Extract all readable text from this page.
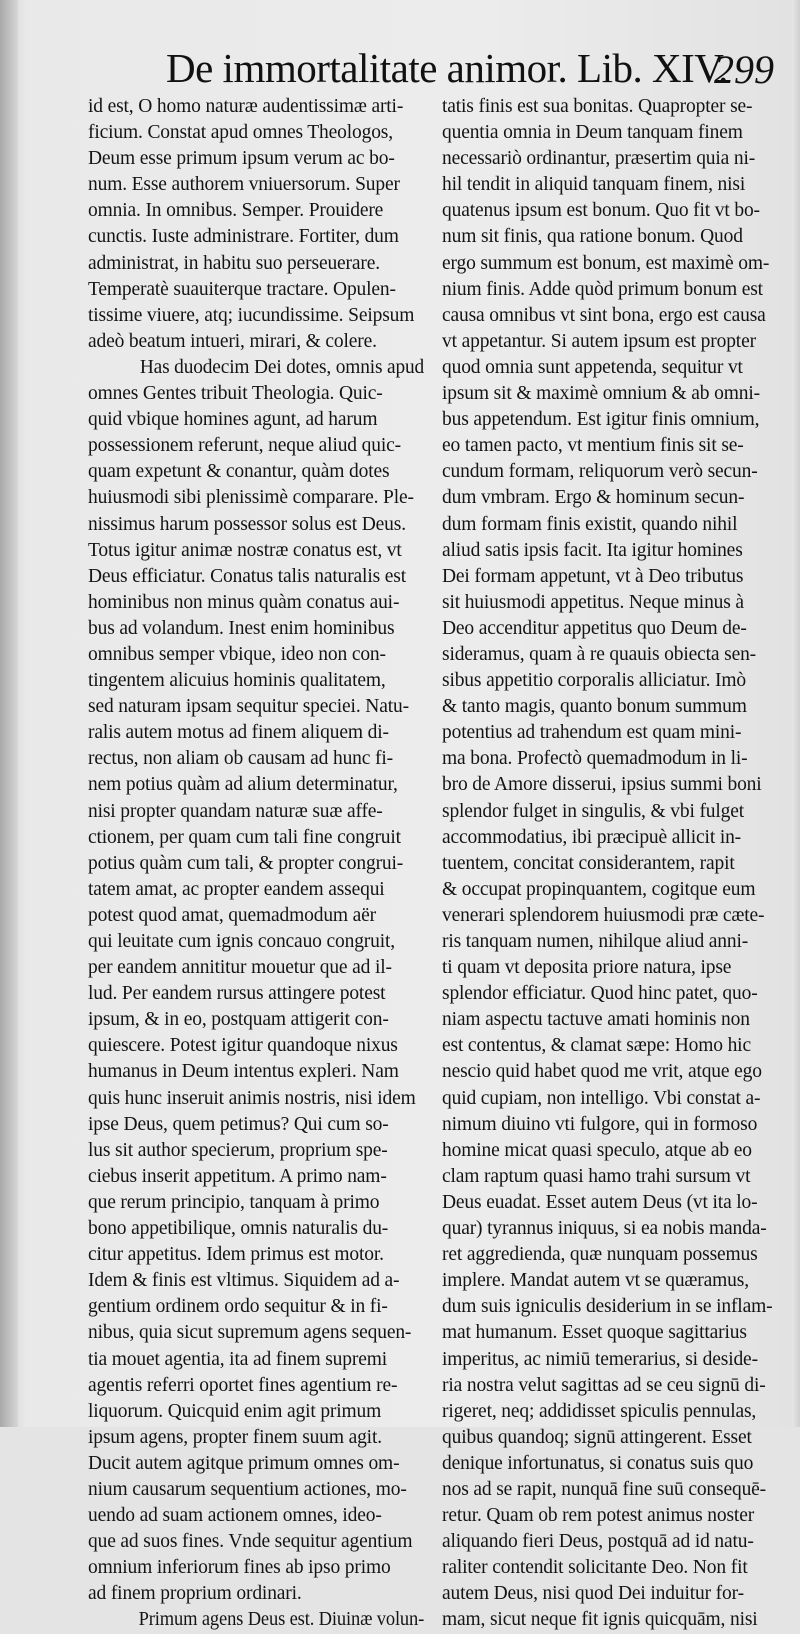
De immortalitate animor. Lib. XIV.
299
id est, O homo naturæ audentissimæ arti-
ficium. Constat apud omnes Theologos,
Deum esse primum ipsum verum ac bo-
num. Esse authorem vniuersorum. Super
omnia. In omnibus. Semper. Prouidere
cunctis. Iuste administrare. Fortiter, dum
administrat, in habitu suo perseuerare.
Temperatè suauiterque tractare. Opulen-
tissime viuere, atq; iucundissime. Seipsum
adeò beatum intueri, mirari, & colere.
Has duodecim Dei dotes, omnis apud
omnes Gentes tribuit Theologia. Quic-
quid vbique homines agunt, ad harum
possessionem referunt, neque aliud quic-
quam expetunt & conantur, quàm dotes
huiusmodi sibi plenissimè comparare. Ple-
nissimus harum possessor solus est Deus.
Totus igitur animæ nostræ conatus est, vt
Deus efficiatur. Conatus talis naturalis est
hominibus non minus quàm conatus aui-
bus ad volandum. Inest enim hominibus
omnibus semper vbique, ideo non con-
tingentem alicuius hominis qualitatem,
sed naturam ipsam sequitur speciei. Natu-
ralis autem motus ad finem aliquem di-
rectus, non aliam ob causam ad hunc fi-
nem potius quàm ad alium determinatur,
nisi propter quandam naturæ suæ affe-
ctionem, per quam cum tali fine congruit
potius quàm cum tali, & propter congrui-
tatem amat, ac propter eandem assequi
potest quod amat, quemadmodum aër
qui leuitate cum ignis concauo congruit,
per eandem annititur mouetur que ad il-
lud. Per eandem rursus attingere potest
ipsum, & in eo, postquam attigerit con-
quiescere. Potest igitur quandoque nixus
humanus in Deum intentus expleri. Nam
quis hunc inseruit animis nostris, nisi idem
ipse Deus, quem petimus? Qui cum so-
lus sit author specierum, proprium spe-
ciebus inserit appetitum. A primo nam-
que rerum principio, tanquam à primo
bono appetibilique, omnis naturalis du-
citur appetitus. Idem primus est motor.
Idem & finis est vltimus. Siquidem ad a-
gentium ordinem ordo sequitur & in fi-
nibus, quia sicut supremum agens sequen-
tia mouet agentia, ita ad finem supremi
agentis referri oportet fines agentium re-
liquorum. Quicquid enim agit primum
ipsum agens, propter finem suum agit.
Ducit autem agitque primum omnes om-
nium causarum sequentium actiones, mo-
uendo ad suam actionem omnes, ideo-
que ad suos fines. Vnde sequitur agentium
omnium inferiorum fines ab ipso primo
ad finem proprium ordinari.
Primum agens Deus est. Diuinæ volun-
tatis finis est sua bonitas. Quapropter se-
quentia omnia in Deum tanquam finem
necessariò ordinantur, præsertim quia ni-
hil tendit in aliquid tanquam finem, nisi
quatenus ipsum est bonum. Quo fit vt bo-
num sit finis, qua ratione bonum. Quod
ergo summum est bonum, est maximè om-
nium finis. Adde quòd primum bonum est
causa omnibus vt sint bona, ergo est causa
vt appetantur. Si autem ipsum est propter
quod omnia sunt appetenda, sequitur vt
ipsum sit & maximè omnium & ab omni-
bus appetendum. Est igitur finis omnium,
eo tamen pacto, vt mentium finis sit se-
cundum formam, reliquorum verò secun-
dum vmbram. Ergo & hominum secun-
dum formam finis existit, quando nihil
aliud satis ipsis facit. Ita igitur homines
Dei formam appetunt, vt à Deo tributus
sit huiusmodi appetitus. Neque minus à
Deo accenditur appetitus quo Deum de-
sideramus, quam à re quauis obiecta sen-
sibus appetitio corporalis alliciatur. Imò
& tanto magis, quanto bonum summum
potentius ad trahendum est quam mini-
ma bona. Profectò quemadmodum in li-
bro de Amore disserui, ipsius summi boni
splendor fulget in singulis, & vbi fulget
accommodatius, ibi præcipuè allicit in-
tuentem, concitat considerantem, rapit
& occupat propinquantem, cogitque eum
venerari splendorem huiusmodi præ cæte-
ris tanquam numen, nihilque aliud anni-
ti quam vt deposita priore natura, ipse
splendor efficiatur. Quod hinc patet, quo-
niam aspectu tactuve amati hominis non
est contentus, & clamat sæpe: Homo hic
nescio quid habet quod me vrit, atque ego
quid cupiam, non intelligo. Vbi constat a-
nimum diuino vti fulgore, qui in formoso
homine micat quasi speculo, atque ab eo
clam raptum quasi hamo trahi sursum vt
Deus euadat. Esset autem Deus (vt ita lo-
quar) tyrannus iniquus, si ea nobis manda-
ret aggredienda, quæ nunquam possemus
implere. Mandat autem vt se quæramus,
dum suis igniculis desiderium in se inflam-
mat humanum. Esset quoque sagittarius
imperitus, ac nimiū temerarius, si deside-
ria nostra velut sagittas ad se ceu signū di-
rigeret, neq; addidisset spiculis pennulas,
quibus quandoq; signū attingerent. Esset
denique infortunatus, si conatus suis quo
nos ad se rapit, nunquā fine suū consequē-
retur. Quam ob rem potest animus noster
aliquando fieri Deus, postquā ad id natu-
raliter contendit solicitante Deo. Non fit
autem Deus, nisi quod Dei induitur for-
mam, sicut neque fit ignis quicquām, nisi
